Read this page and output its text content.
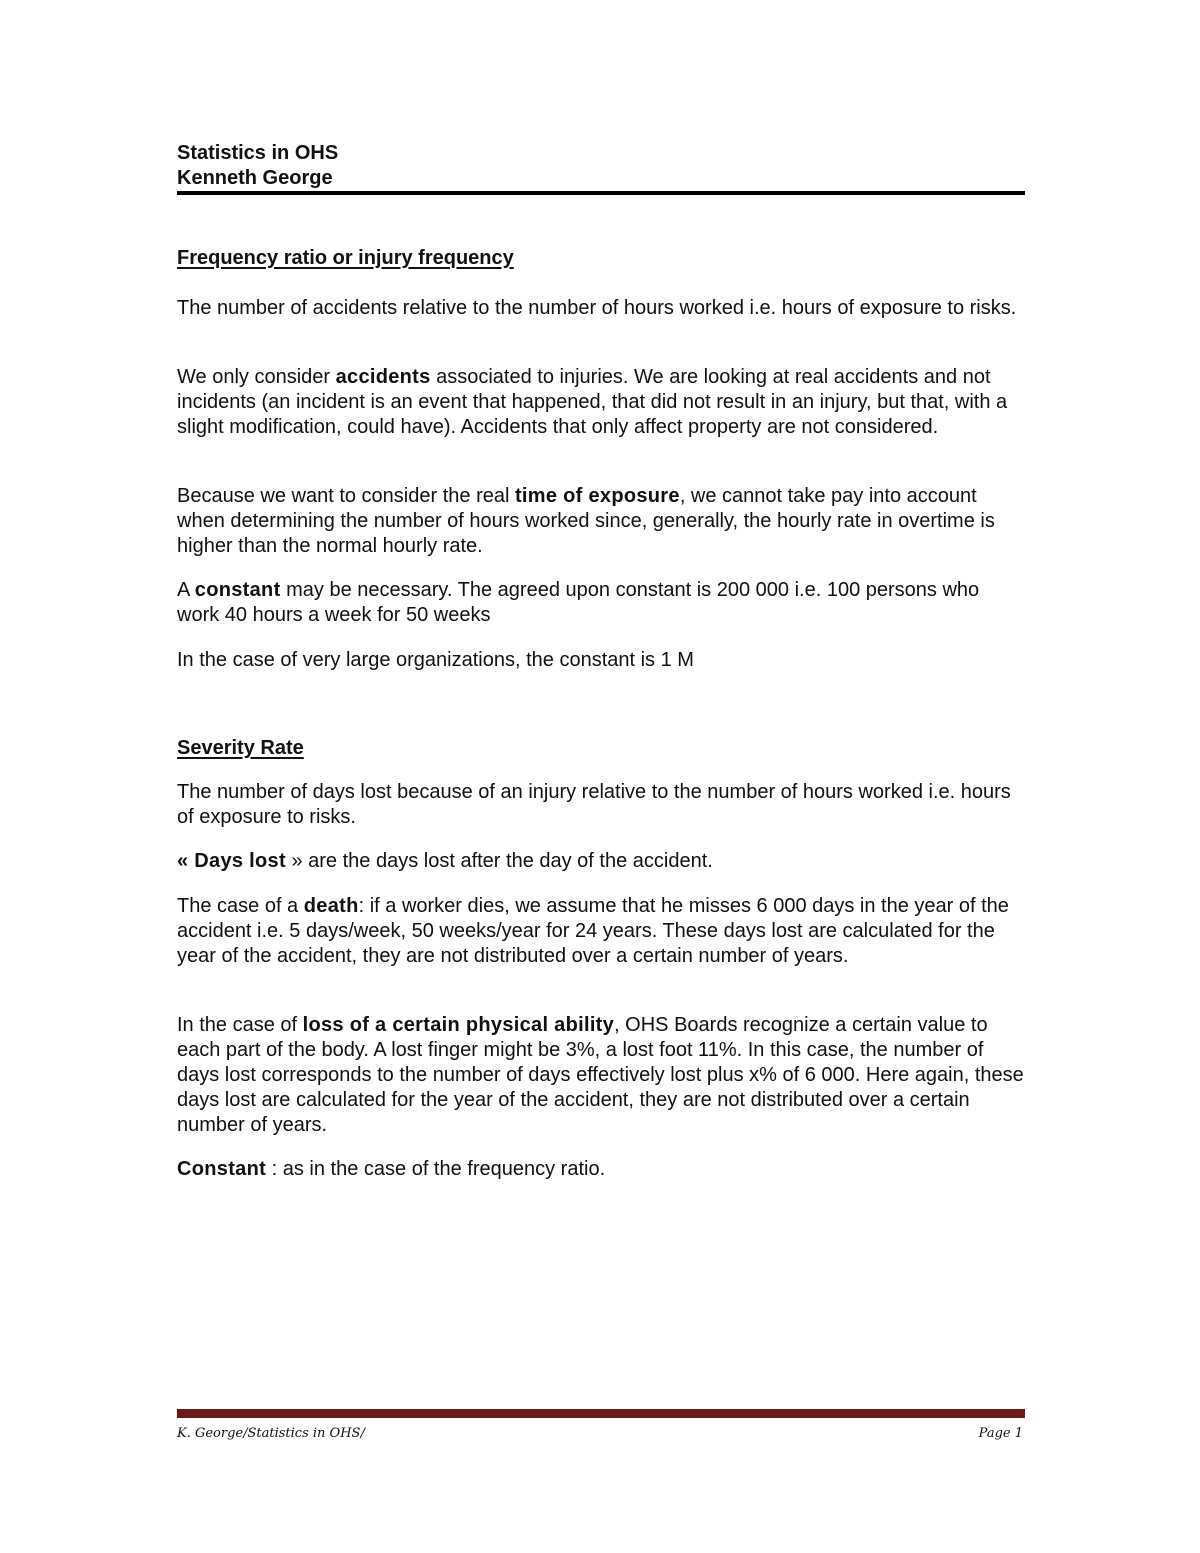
Statistics in OHS

Kenneth George

Frequency ratio or injury frequency

The number of accidents relative to the number of hours worked i.e. hours of exposure to risks.

We only consider accidents associated to injuries. We are looking at real accidents and not incidents (an incident is an event that happened, that did not result in an injury, but that, with a slight modification, could have). Accidents that only affect property are not considered.

Because we want to consider the real time of exposure, we cannot take pay into account when determining the number of hours worked since, generally, the hourly rate in overtime is higher than the normal hourly rate.

A constant may be necessary. The agreed upon constant is 200 000 i.e. 100 persons who work 40 hours a week for 50 weeks

In the case of very large organizations, the constant is 1 M

Severity Rate

The number of days lost because of an injury relative to the number of hours worked i.e. hours of exposure to risks.

« Days lost » are the days lost after the day of the accident.

The case of a death: if a worker dies, we assume that he misses 6 000 days in the year of the accident i.e. 5 days/week, 50 weeks/year for 24 years. These days lost are calculated for the year of the accident, they are not distributed over a certain number of years.

In the case of loss of a certain physical ability, OHS Boards recognize a certain value to each part of the body. A lost finger might be 3%, a lost foot 11%. In this case, the number of days lost corresponds to the number of days effectively lost plus x% of 6 000. Here again, these days lost are calculated for the year of the accident, they are not distributed over a certain number of years.

Constant : as in the case of the frequency ratio.

K. George/Statistics in OHS/	Page 1
